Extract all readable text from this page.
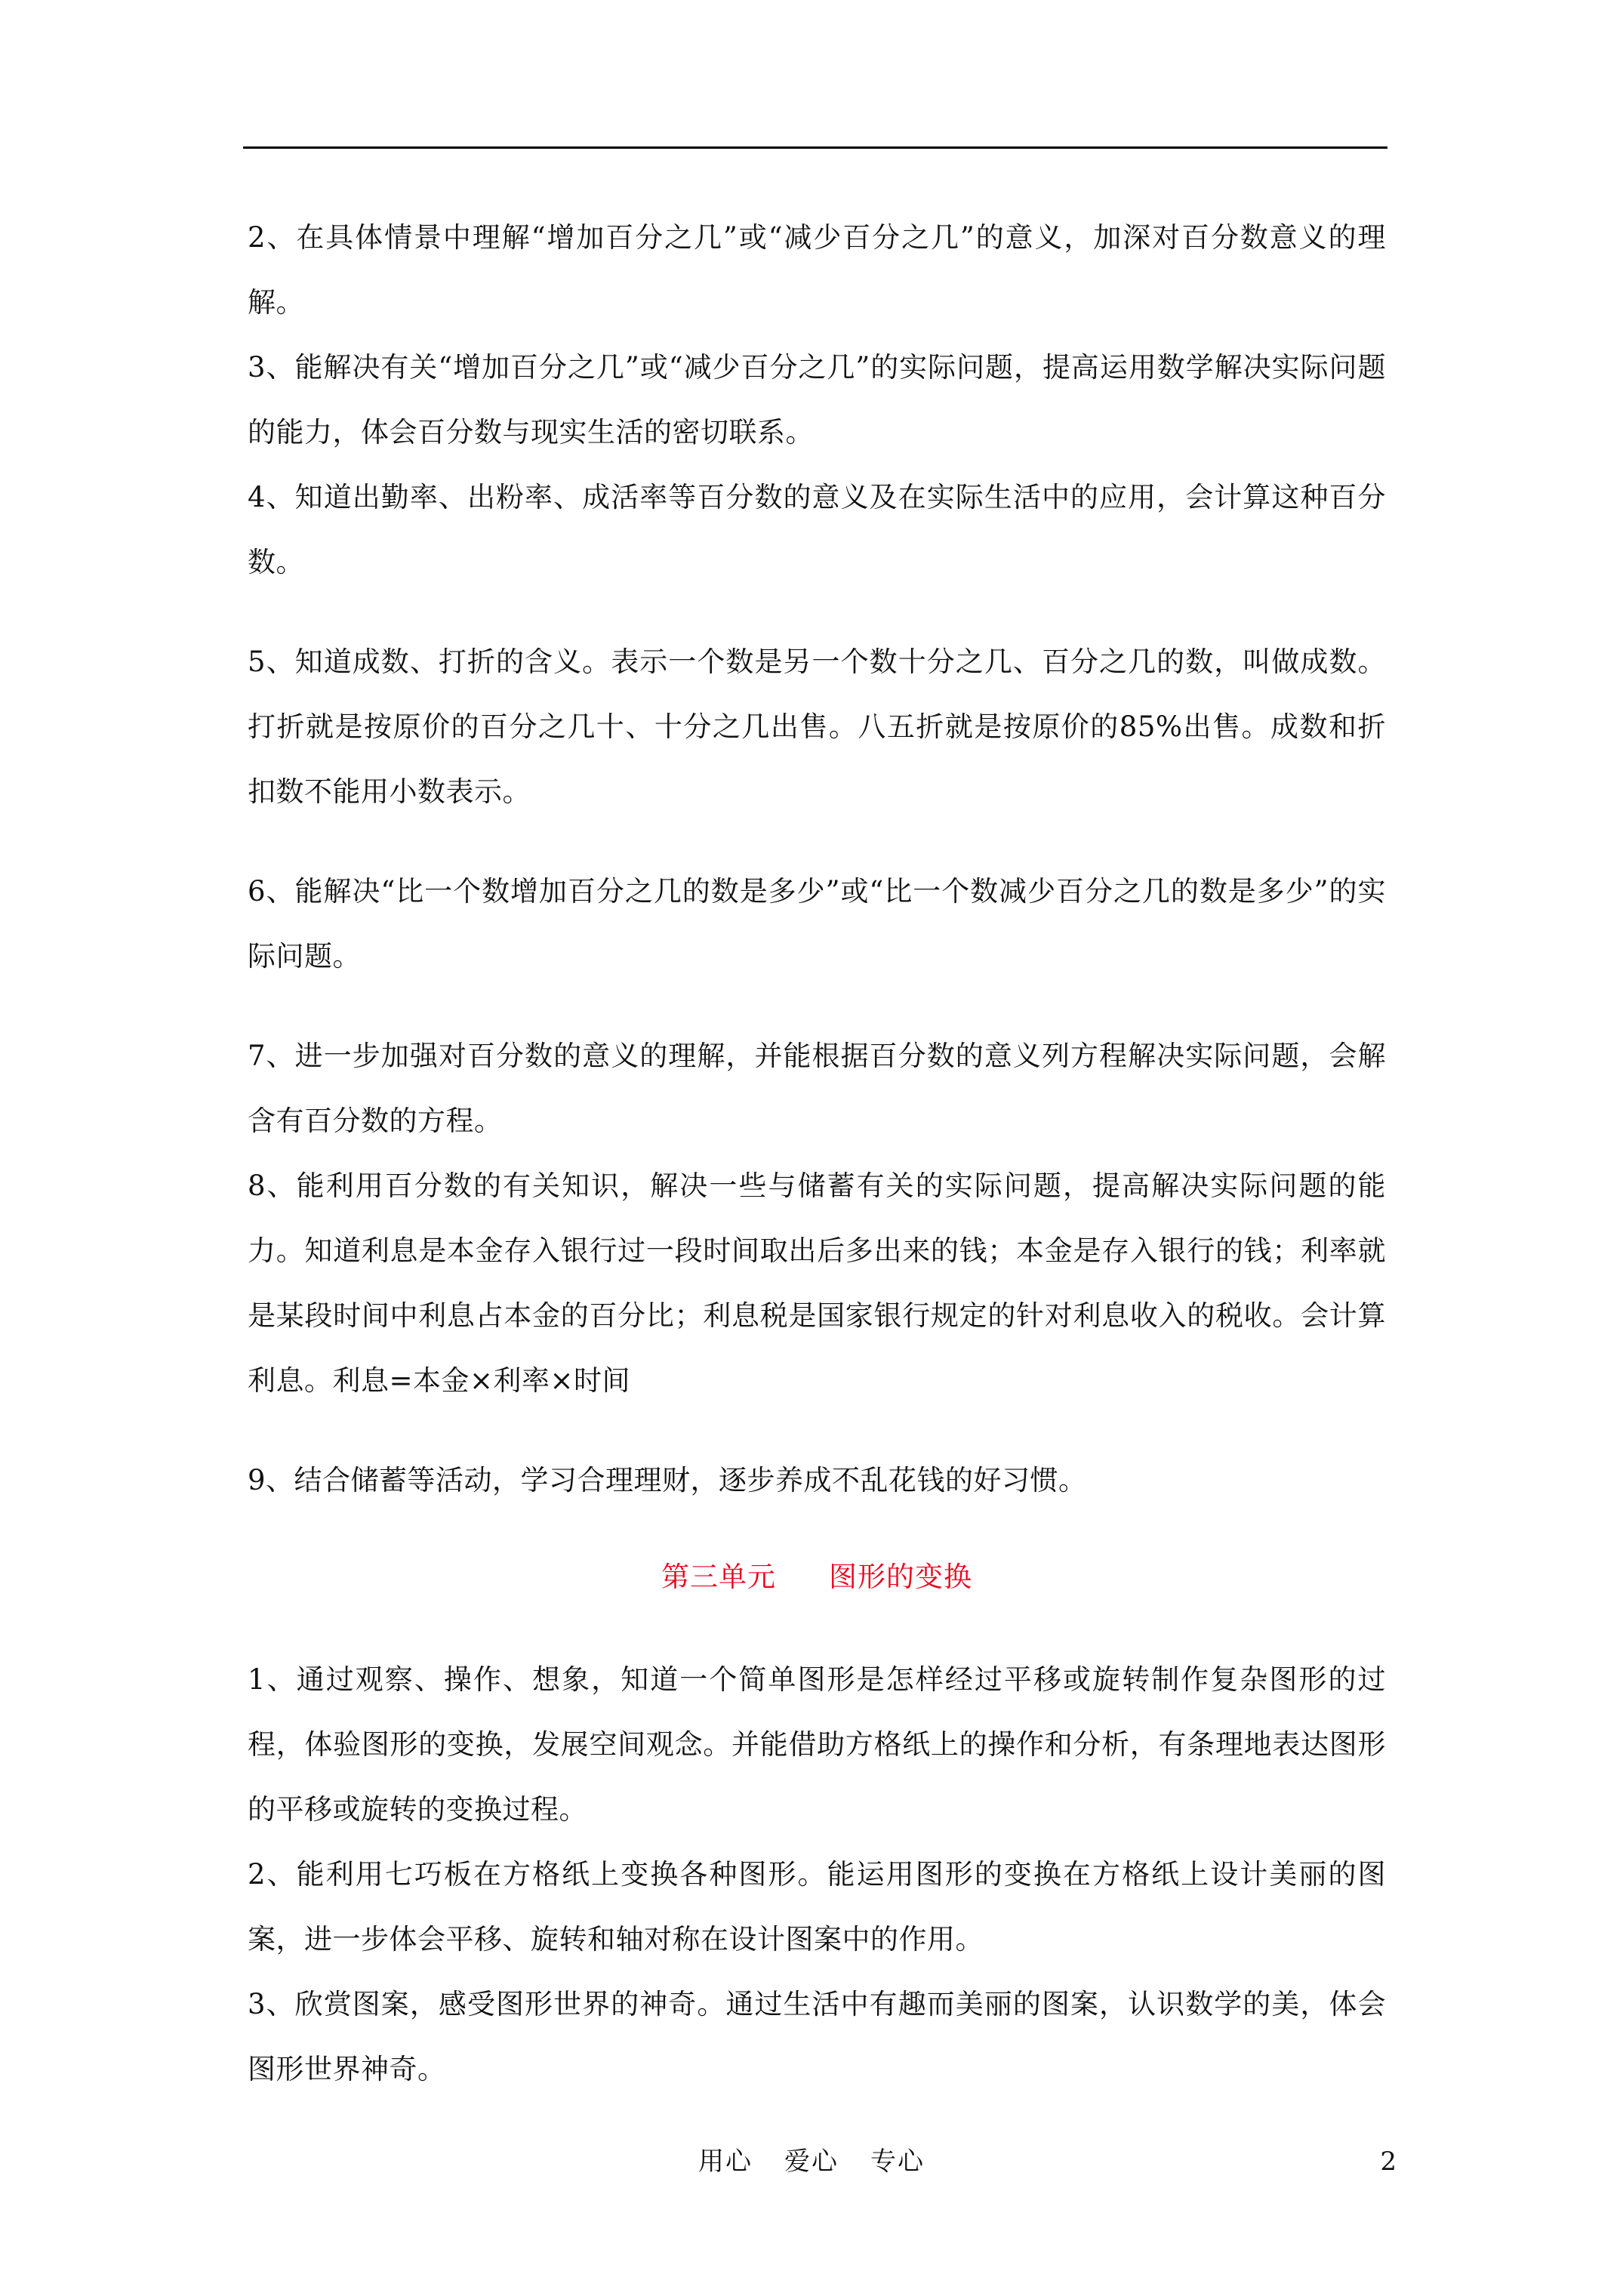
2、在具体情景中理解“增加百分之几”或“减少百分之几”的意义，加深对百分数意义的理解。

3、能解决有关“增加百分之几”或“减少百分之几”的实际问题，提高运用数学解决实际问题的能力，体会百分数与现实生活的密切联系。

4、知道出勤率、出粉率、成活率等百分数的意义及在实际生活中的应用，会计算这种百分数。

5、知道成数、打折的含义。表示一个数是另一个数十分之几、百分之几的数，叫做成数。打折就是按原价的百分之几十、十分之几出售。八五折就是按原价的85%出售。成数和折扣数不能用小数表示。

6、能解决“比一个数增加百分之几的数是多少”或“比一个数减少百分之几的数是多少”的实际问题。

7、进一步加强对百分数的意义的理解，并能根据百分数的意义列方程解决实际问题，会解含有百分数的方程。

8、能利用百分数的有关知识，解决一些与储蓄有关的实际问题，提高解决实际问题的能力。知道利息是本金存入银行过一段时间取出后多出来的钱；本金是存入银行的钱；利率就是某段时间中利息占本金的百分比；利息税是国家银行规定的针对利息收入的税收。会计算利息。利息=本金×利率×时间

9、结合储蓄等活动，学习合理理财，逐步养成不乱花钱的好习惯。

第三单元 图形的变换

1、通过观察、操作、想象，知道一个简单图形是怎样经过平移或旋转制作复杂图形的过程，体验图形的变换，发展空间观念。并能借助方格纸上的操作和分析，有条理地表达图形的平移或旋转的变换过程。

2、能利用七巧板在方格纸上变换各种图形。能运用图形的变换在方格纸上设计美丽的图案，进一步体会平移、旋转和轴对称在设计图案中的作用。

3、欣赏图案，感受图形世界的神奇。通过生活中有趣而美丽的图案，认识数学的美，体会图形世界神奇。

用心 爱心 专心	2
